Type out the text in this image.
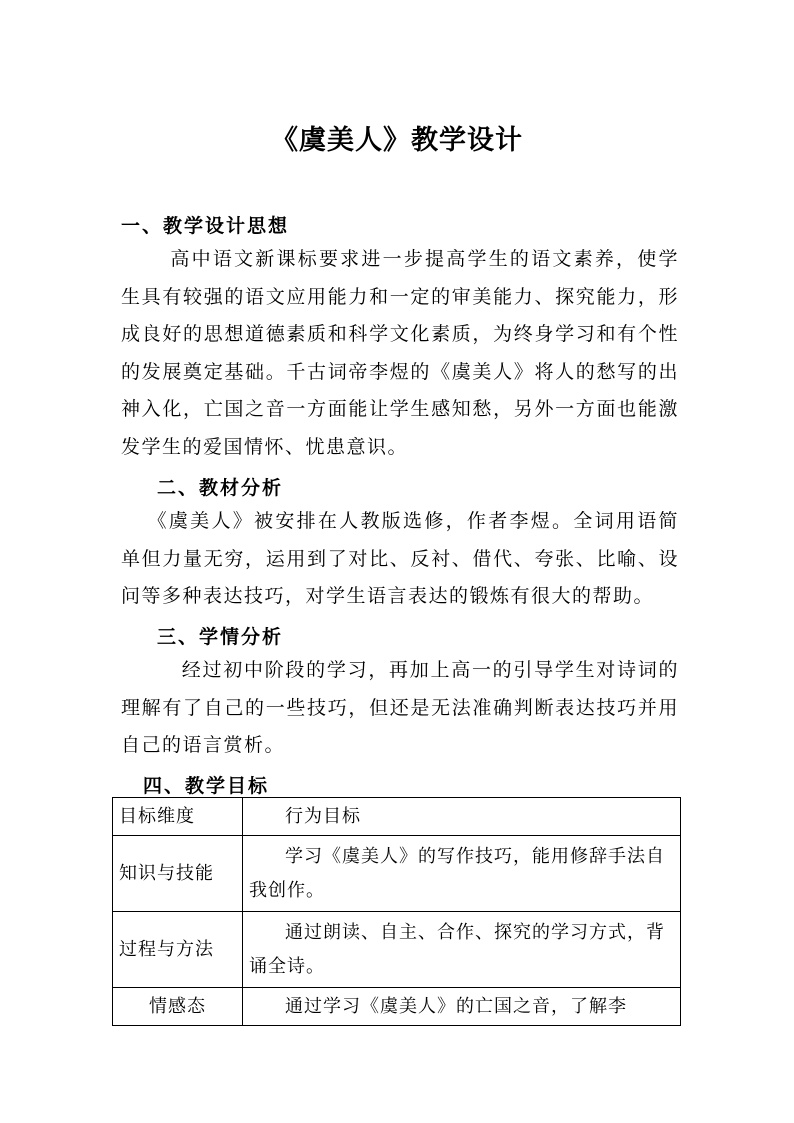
《虞美人》教学设计
一、教学设计思想
高中语文新课标要求进一步提高学生的语文素养，使学生具有较强的语文应用能力和一定的审美能力、探究能力，形成良好的思想道德素质和科学文化素质，为终身学习和有个性的发展奠定基础。千古词帝李煜的《虞美人》将人的愁写的出神入化，亡国之音一方面能让学生感知愁，另外一方面也能激发学生的爱国情怀、忧患意识。
二、教材分析
《虞美人》被安排在人教版选修，作者李煜。全词用语简单但力量无穷，运用到了对比、反衬、借代、夸张、比喻、设问等多种表达技巧，对学生语言表达的锻炼有很大的帮助。
三、学情分析
经过初中阶段的学习，再加上高一的引导学生对诗词的理解有了自己的一些技巧，但还是无法准确判断表达技巧并用自己的语言赏析。
四、教学目标
目标维度	行为目标
知识与技能	学习《虞美人》的写作技巧，能用修辞手法自我创作。
过程与方法	通过朗读、自主、合作、探究的学习方式，背诵全诗。
情感态	通过学习《虞美人》的亡国之音，了解李
